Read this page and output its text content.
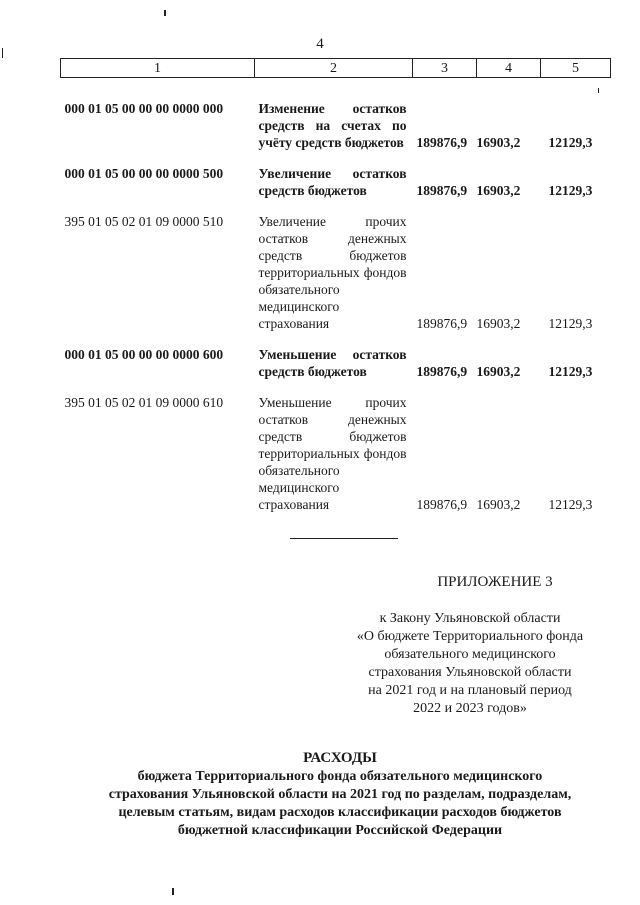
4
1	2	3	4	5
000 01 05 00 00 00 0000 000	Изменение остатков средств на счетах по учёту средств бюджетов	189876,9	16903,2	12129,3
000 01 05 00 00 00 0000 500	Увеличение остатков средств бюджетов	189876,9	16903,2	12129,3
395 01 05 02 01 09 0000 510	Увеличение прочих остатков денежных средств бюджетов территориальных фондов обязательного медицинского страхования	189876,9	16903,2	12129,3
000 01 05 00 00 00 0000 600	Уменьшение остатков средств бюджетов	189876,9	16903,2	12129,3
395 01 05 02 01 09 0000 610	Уменьшение прочих остатков денежных средств бюджетов территориальных фондов обязательного медицинского страхования	189876,9	16903,2	12129,3
ПРИЛОЖЕНИЕ 3
к Закону Ульяновской области
«О бюджете Территориального фонда
обязательного медицинского
страхования Ульяновской области
на 2021 год и на плановый период
2022 и 2023 годов»
РАСХОДЫ
бюджета Территориального фонда обязательного медицинского
страхования Ульяновской области на 2021 год по разделам, подразделам,
целевым статьям, видам расходов классификации расходов бюджетов
бюджетной классификации Российской Федерации
